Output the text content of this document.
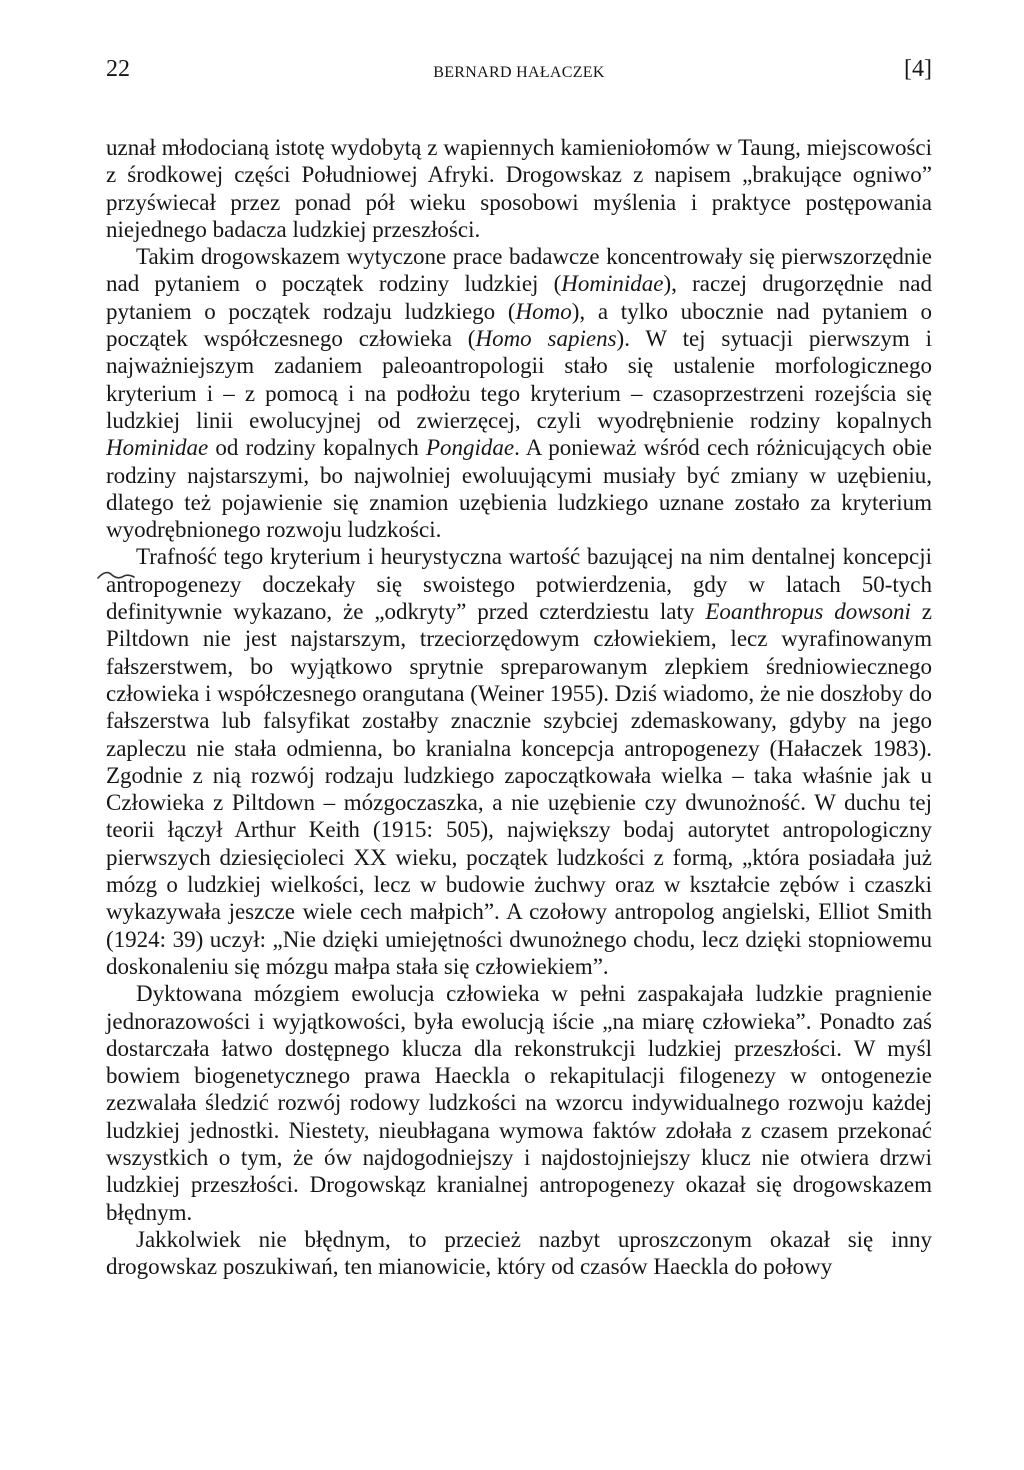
22	BERNARD HAŁACZEK	[4]

uznał młodocianą istotę wydobytą z wapiennych kamieniołomów w Taung, miejscowości z środkowej części Południowej Afryki. Drogowskaz z napisem „brakujące ogniwo” przyświecał przez ponad pół wieku sposobowi myślenia i praktyce postępowania niejednego badacza ludzkiej przeszłości.

Takim drogowskazem wytyczone prace badawcze koncentrowały się pierwszorzędnie nad pytaniem o początek rodziny ludzkiej (Hominidae), raczej drugorzędnie nad pytaniem o początek rodzaju ludzkiego (Homo), a tylko ubocznie nad pytaniem o początek współczesnego człowieka (Homo sapiens). W tej sytuacji pierwszym i najważniejszym zadaniem paleoantropologii stało się ustalenie morfologicznego kryterium i – z pomocą i na podłożu tego kryterium – czasoprzestrzeni rozejścia się ludzkiej linii ewolucyjnej od zwierzęcej, czyli wyodrębnienie rodziny kopalnych Hominidae od rodziny kopalnych Pongidae. A ponieważ wśród cech różnicujących obie rodziny najstarszymi, bo najwolniej ewoluującymi musiały być zmiany w uzębieniu, dlatego też pojawienie się znamion uzębienia ludzkiego uznane zostało za kryterium wyodrębnionego rozwoju ludzkości.

Trafność tego kryterium i heurystyczna wartość bazującej na nim dentalnej koncepcji antropogenezy doczekały się swoistego potwierdzenia, gdy w latach 50-tych definitywnie wykazano, że „odkryty” przed czterdziestu laty Eoanthropus dowsoni z Piltdown nie jest najstarszym, trzeciorzędowym człowiekiem, lecz wyrafinowanym fałszerstwem, bo wyjątkowo sprytnie spreparowanym zlepkiem średniowiecznego człowieka i współczesnego orangutana (Weiner 1955). Dziś wiadomo, że nie doszłoby do fałszerstwa lub falsyfikat zostałby znacznie szybciej zdemaskowany, gdyby na jego zapleczu nie stała odmienna, bo kranialna koncepcja antropogenezy (Hałaczek 1983). Zgodnie z nią rozwój rodzaju ludzkiego zapoczątkowała wielka – taka właśnie jak u Człowieka z Piltdown – mózgoczaszka, a nie uzębienie czy dwunożność. W duchu tej teorii łączył Arthur Keith (1915: 505), największy bodaj autorytet antropologiczny pierwszych dziesięcioleci XX wieku, początek ludzkości z formą, „która posiadała już mózg o ludzkiej wielkości, lecz w budowie żuchwy oraz w kształcie zębów i czaszki wykazywała jeszcze wiele cech małpich”. A czołowy antropolog angielski, Elliot Smith (1924: 39) uczył: „Nie dzięki umiejętności dwunożnego chodu, lecz dzięki stopniowemu doskonaleniu się mózgu małpa stała się człowiekiem”.

Dyktowana mózgiem ewolucja człowieka w pełni zaspakajała ludzkie pragnienie jednorazowości i wyjątkowości, była ewolucją iście „na miarę człowieka”. Ponadto zaś dostarczała łatwo dostępnego klucza dla rekonstrukcji ludzkiej przeszłości. W myśl bowiem biogenetycznego prawa Haeckla o rekapitulacji filogenezy w ontogenezie zezwalała śledzić rozwój rodowy ludzkości na wzorcu indywidualnego rozwoju każdej ludzkiej jednostki. Niestety, nieubłagana wymowa faktów zdołała z czasem przekonać wszystkich o tym, że ów najdogodniejszy i najdostojniejszy klucz nie otwiera drzwi ludzkiej przeszłości. Drogowskąz kranialnej antropogenezy okazał się drogowskazem błędnym.

Jakkolwiek nie błędnym, to przecież nazbyt uproszczonym okazał się inny drogowskaz poszukiwań, ten mianowicie, który od czasów Haeckla do połowy
